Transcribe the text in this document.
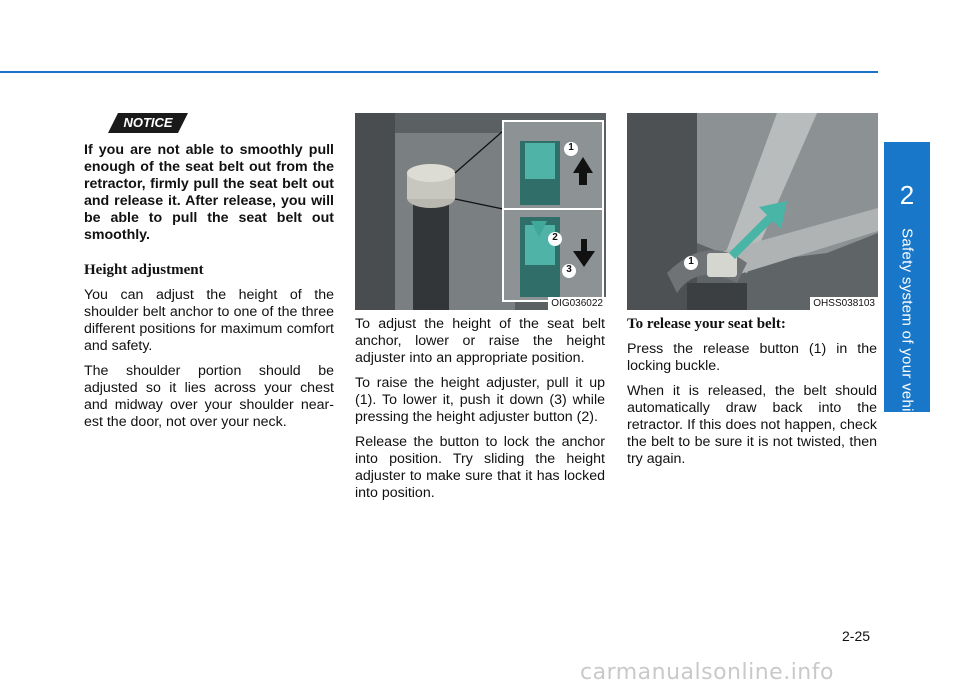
2
Safety system of your vehicle
NOTICE
If you are not able to smoothly pull enough of the seat belt out from the retractor, firmly pull the seat belt out and release it. After release, you will be able to pull the seat belt out smoothly.
Height adjustment

You can adjust the height of the shoulder belt anchor to one of the three different positions for maximum comfort and safety.

The shoulder portion should be adjusted so it lies across your chest and midway over your shoulder near-est the door, not over your neck.

1
2
3
OIG036022

To adjust the height of the seat belt anchor, lower or raise the height adjuster into an appropriate position.

To raise the height adjuster, pull it up (1). To lower it, push it down (3) while pressing the height adjuster button (2).

Release the button to lock the anchor into position. Try sliding the height adjuster to make sure that it has locked into position.

1
OHSS038103
To release your seat belt:

Press the release button (1) in the locking buckle.

When it is released, the belt should automatically draw back into the retractor. If this does not happen, check the belt to be sure it is not twisted, then try again.

2-25
carmanualsonline.info
